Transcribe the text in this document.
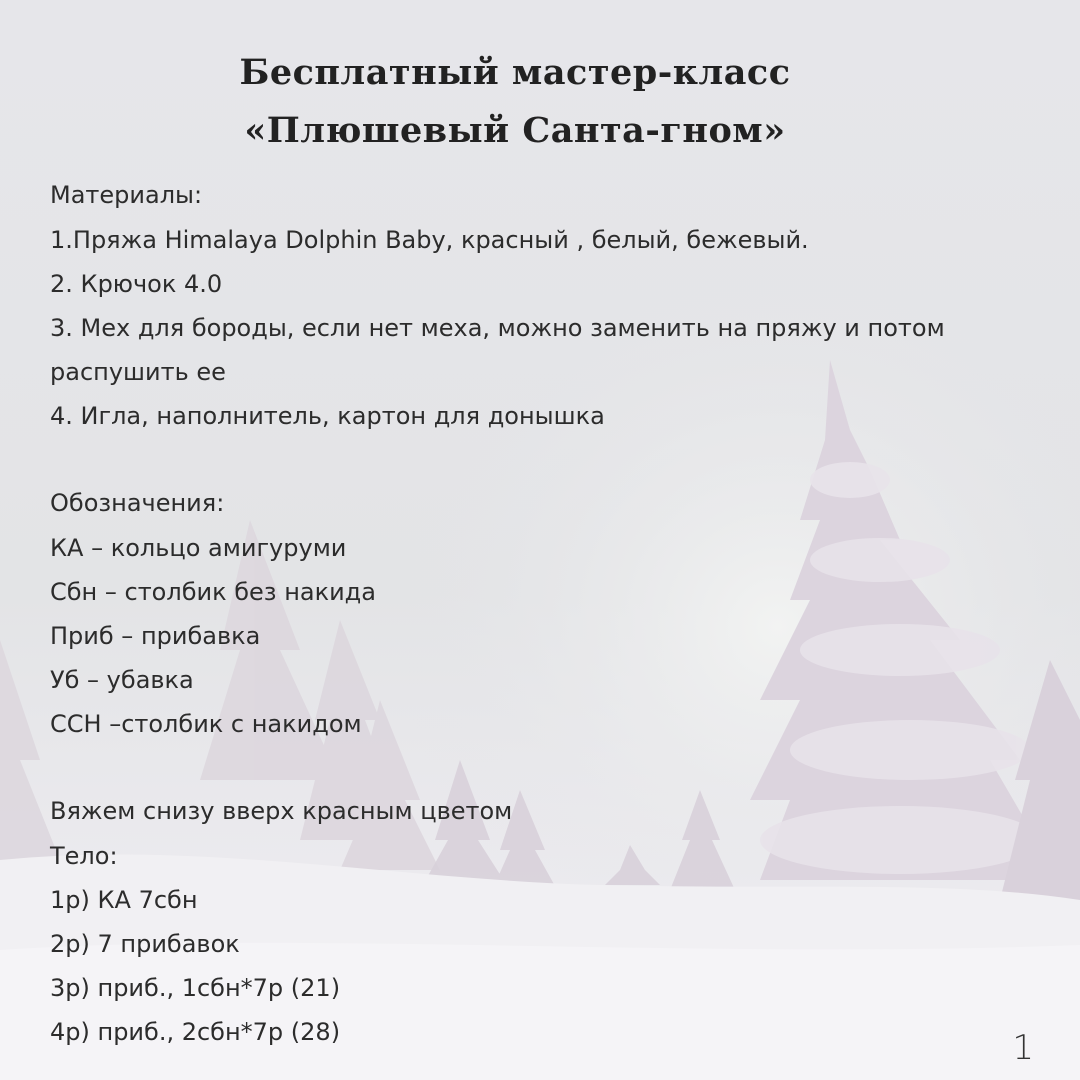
Бесплатный мастер-класс
«Плюшевый Санта-гном»
Материалы:
1.Пряжа Himalaya Dolphin Baby, красный , белый, бежевый.
2. Крючок 4.0
3. Мех для бороды, если нет меха, можно заменить на пряжу и потом
распушить ее
4. Игла, наполнитель, картон для донышка
Обозначения:
КА – кольцо амигуруми
Сбн – столбик без накида
Приб – прибавка
Уб – убавка
ССН –столбик с накидом
Вяжем снизу вверх красным цветом
Тело:
1р) КА 7сбн
2р) 7 прибавок
3р) приб., 1сбн*7р (21)
4р) приб., 2сбн*7р (28)	1
